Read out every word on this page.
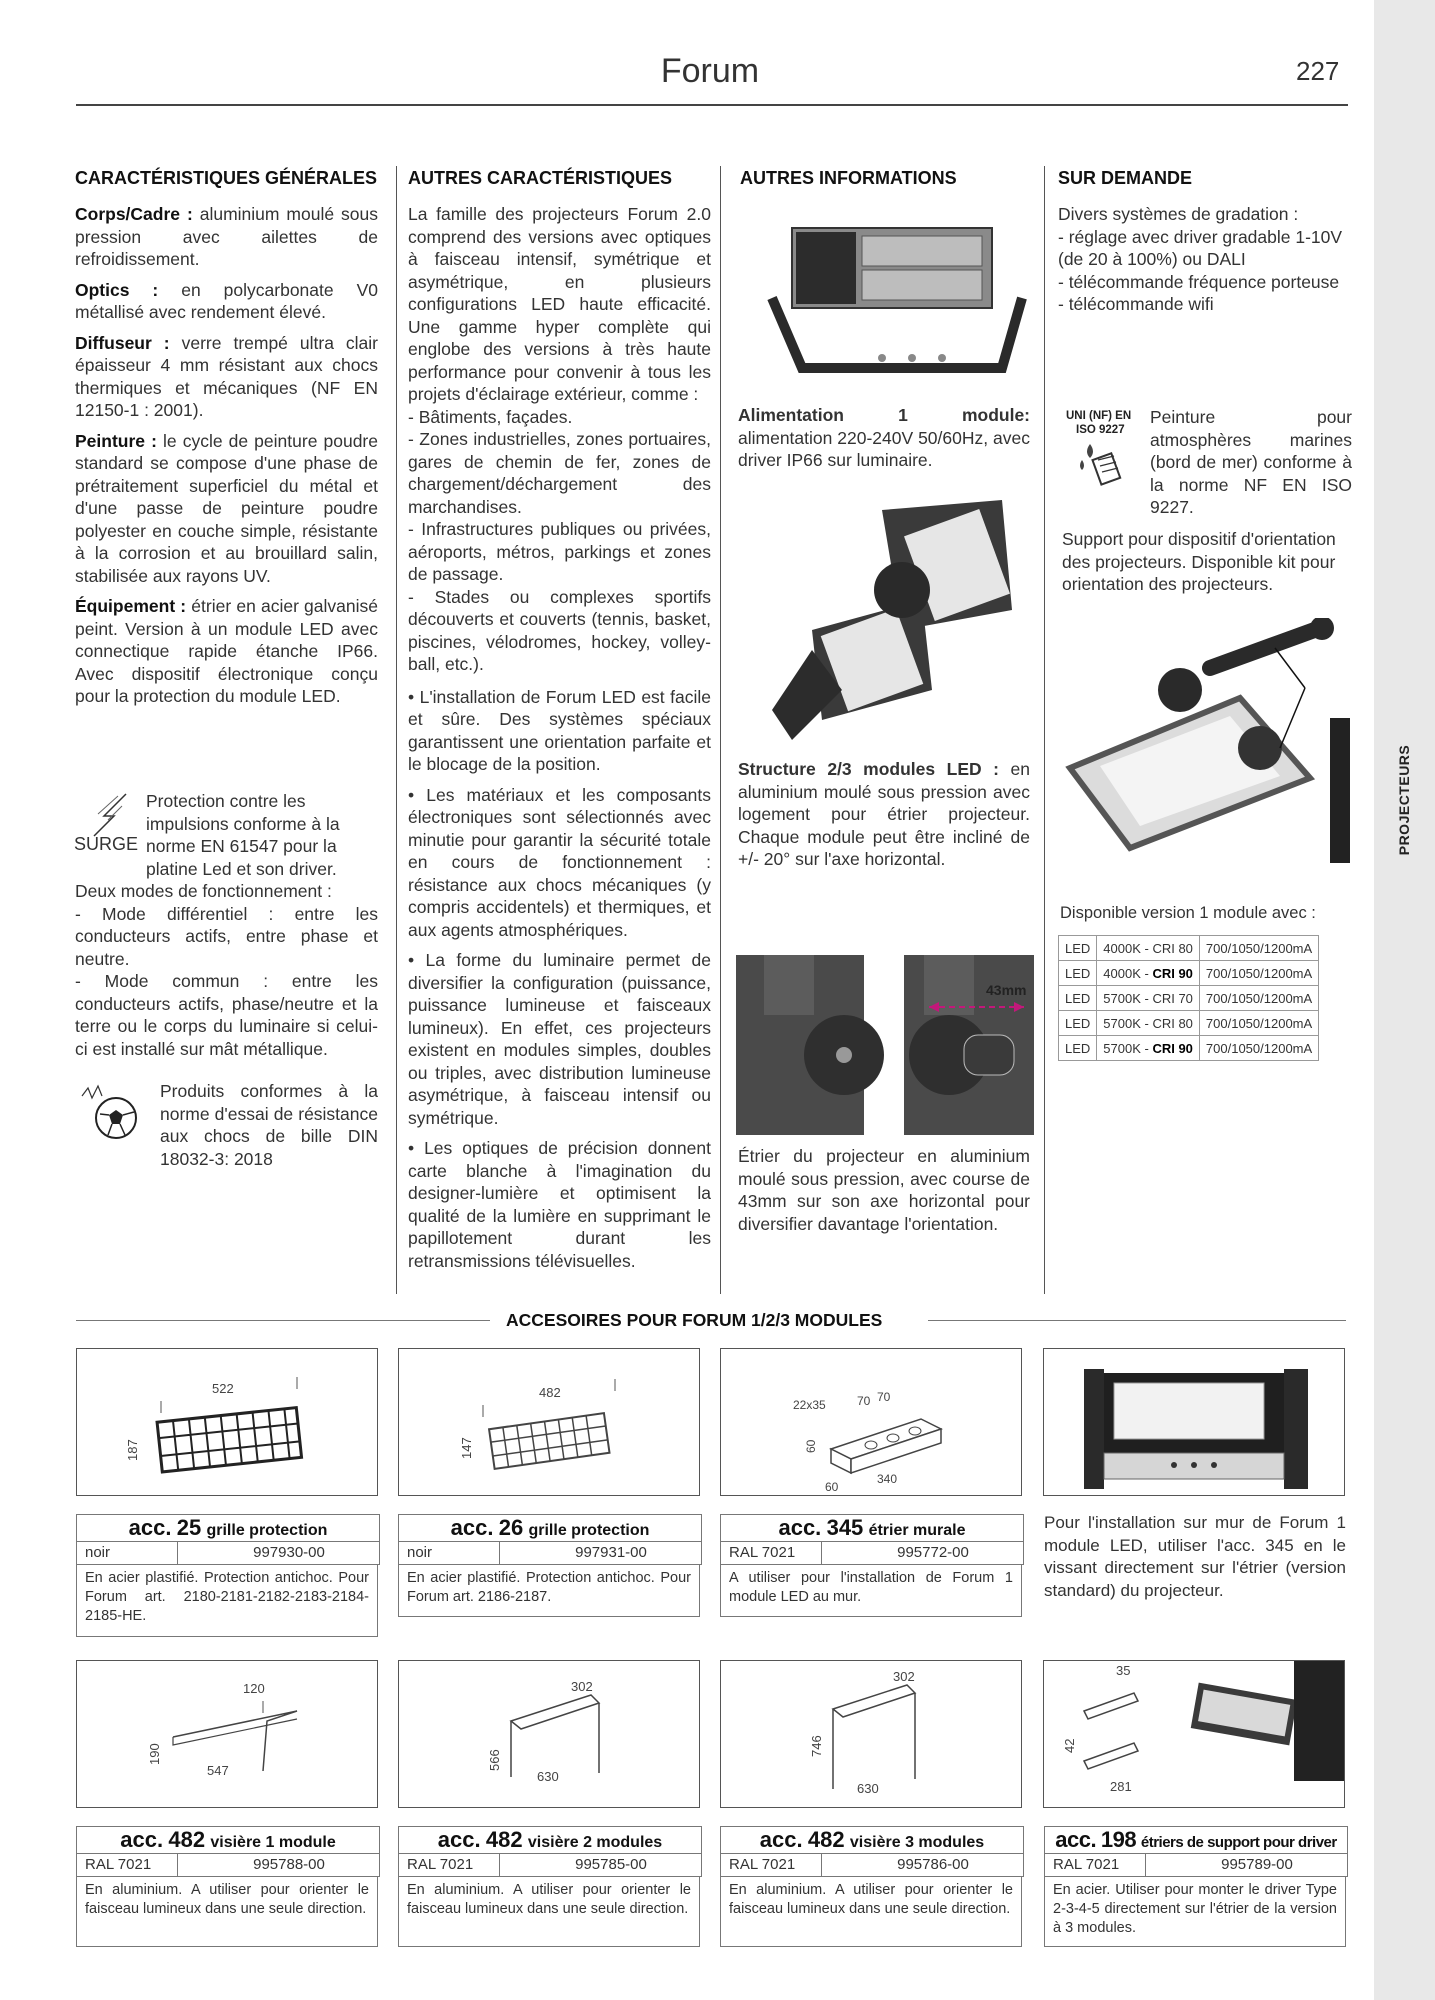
PROJECTEURS
Forum	227
CARACTÉRISTIQUES GÉNÉRALES AUTRES CARACTÉRISTIQUES	AUTRES INFORMATIONS	SUR DEMANDE

Corps/Cadre : aluminium moulé sous pression avec ailettes de refroidissement.

Optics : en polycarbonate V0 métallisé avec rendement élevé.

Diffuseur : verre trempé ultra clair épaisseur 4 mm résistant aux chocs thermiques et mécaniques (NF EN 12150-1 : 2001).

Peinture : le cycle de peinture poudre standard se compose d'une phase de prétraitement superficiel du métal et d'une passe de peinture poudre polyester en couche simple, résistante à la corrosion et au brouillard salin, stabilisée aux rayons UV.

Équipement : étrier en acier galvanisé peint. Version à un module LED avec connectique rapide étanche IP66. Avec dispositif électronique conçu pour la protection du module LED.

SURGE
Protection contre les impulsions conforme à la norme EN 61547 pour la platine Led et son driver.
Deux modes de fonctionnement :
- Mode différentiel : entre les conducteurs actifs, entre phase et neutre.
- Mode commun : entre les conducteurs actifs, phase/neutre et la terre ou le corps du luminaire si celui-ci est installé sur mât métallique.
Produits conformes à la norme d'essai de résistance aux chocs de bille DIN 18032-3: 2018
La famille des projecteurs Forum 2.0 comprend des versions avec optiques à faisceau intensif, symétrique et asymétrique, en plusieurs configurations LED haute efficacité. Une gamme hyper complète qui englobe des versions à très haute performance pour convenir à tous les projets d'éclairage extérieur, comme :
- Bâtiments, façades.
- Zones industrielles, zones portuaires, gares de chemin de fer, zones de chargement/déchargement des marchandises.
- Infrastructures publiques ou privées, aéroports, métros, parkings et zones de passage.
- Stades ou complexes sportifs découverts et couverts (tennis, basket, piscines, vélodromes, hockey, volley-ball, etc.).

• L'installation de Forum LED est facile et sûre. Des systèmes spéciaux garantissent une orientation parfaite et le blocage de la position.

• Les matériaux et les composants électroniques sont sélectionnés avec minutie pour garantir la sécurité totale en cours de fonctionnement : résistance aux chocs mécaniques (y compris accidentels) et thermiques, et aux agents atmosphériques.

• La forme du luminaire permet de diversifier la configuration (puissance, puissance lumineuse et faisceaux lumineux). En effet, ces projecteurs existent en modules simples, doubles ou triples, avec distribution lumineuse asymétrique, à faisceau intensif ou symétrique.

• Les optiques de précision donnent carte blanche à l'imagination du designer-lumière et optimisent la qualité de la lumière en supprimant le papillotement durant les retransmissions télévisuelles.

Alimentation 1 module: alimentation 220-240V 50/60Hz, avec driver IP66 sur luminaire.
Structure 2/3 modules LED : en aluminium moulé sous pression avec logement pour étrier projecteur. Chaque module peut être incliné de +/- 20° sur l'axe horizontal.
43mm
Étrier du projecteur en aluminium moulé sous pression, avec course de 43mm sur son axe horizontal pour diversifier davantage l'orientation.
Divers systèmes de gradation :
- réglage avec driver gradable 1-10V (de 20 à 100%) ou DALI
- télécommande fréquence porteuse
- télécommande wifi
UNI (NF) EN
ISO 9227
Peinture pour atmosphères marines (bord de mer) conforme à la norme NF EN ISO 9227.
Support pour dispositif d'orientation des projecteurs. Disponible kit pour orientation des projecteurs.
Disponible version 1 module avec :
LED	4000K - CRI 80	700/1050/1200mA
LED	4000K - CRI 90	700/1050/1200mA
LED	5700K - CRI 70	700/1050/1200mA
LED	5700K - CRI 80	700/1050/1200mA
LED	5700K - CRI 90	700/1050/1200mA
ACCESOIRES POUR FORUM 1/2/3 MODULES
522
187
482
147
22x35	70 70
60
340
60
acc. 25 grille protection
noir	997930-00
En acier plastifié. Protection antichoc. Pour Forum art. 2180-2181-2182-2183-2184-2185-HE.
acc. 26 grille protection
noir	997931-00
En acier plastifié. Protection antichoc. Pour Forum art. 2186-2187.
acc. 345 étrier murale
RAL 7021	995772-00
A utiliser pour l'installation de Forum 1 module LED au mur.
Pour l'installation sur mur de Forum 1 module LED, utiliser l'acc. 345 en le vissant directement sur l'étrier (version standard) du projecteur.
120
190
547
302
566
630
302
746
630
35
42
281
acc. 482 visière 1 module
RAL 7021	995788-00
En aluminium. A utiliser pour orienter le faisceau lumineux dans une seule direction.
acc. 482 visière 2 modules
RAL 7021	995785-00
En aluminium. A utiliser pour orienter le faisceau lumineux dans une seule direction.
acc. 482 visière 3 modules
RAL 7021	995786-00
En aluminium. A utiliser pour orienter le faisceau lumineux dans une seule direction.
acc. 198 étriers de support pour driver
RAL 7021	995789-00
En acier. Utiliser pour monter le driver Type 2-3-4-5 directement sur l'étrier de la version à 3 modules.
